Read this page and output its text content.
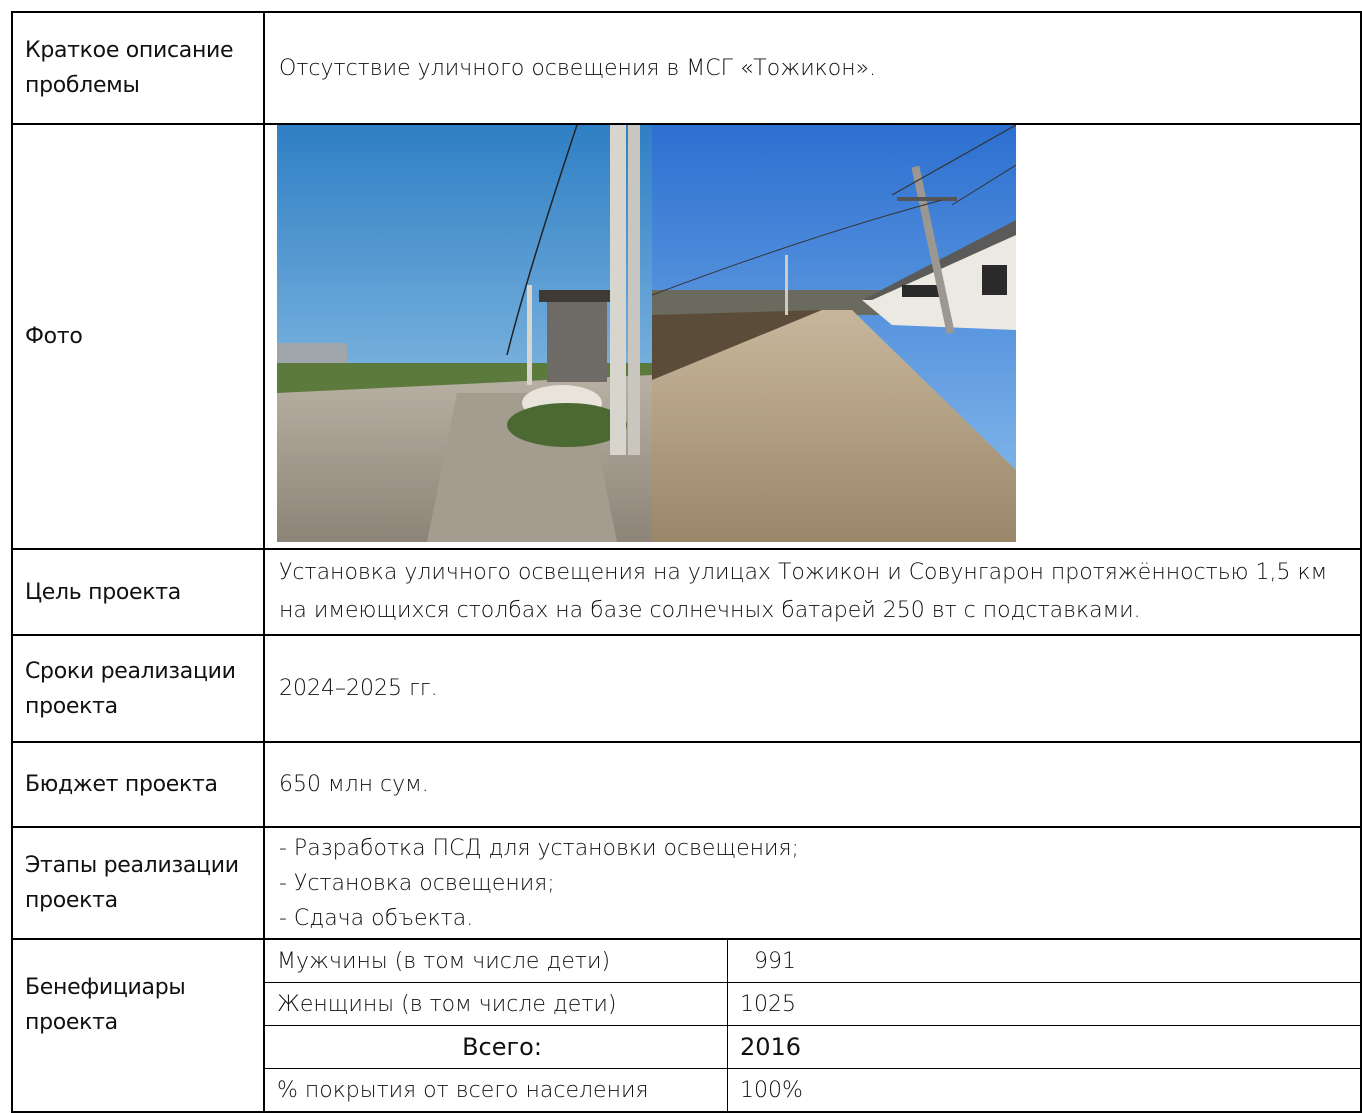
Краткое описание проблемы	Отсутствие уличного освещения в МСГ «Тожикон».
Фото	

Цель проекта	Установка уличного освещения на улицах Тожикон и Совунгарон протяжённостью 1,5 км на имеющихся столбах на базе солнечных батарей 250 вт с подставками.
Сроки реализации проекта	2024–2025 гг.
Бюджет проекта	650 млн сум.
Этапы реализации проекта	
- Разработка ПСД для установки освещения;
- Установка освещения;
- Сдача объекта.

Бенефициары проекта	
Мужчины (в том числе дети)	991
Женщины (в том числе дети)	1025
Всего:	2016
% покрытия от всего населения	100%
